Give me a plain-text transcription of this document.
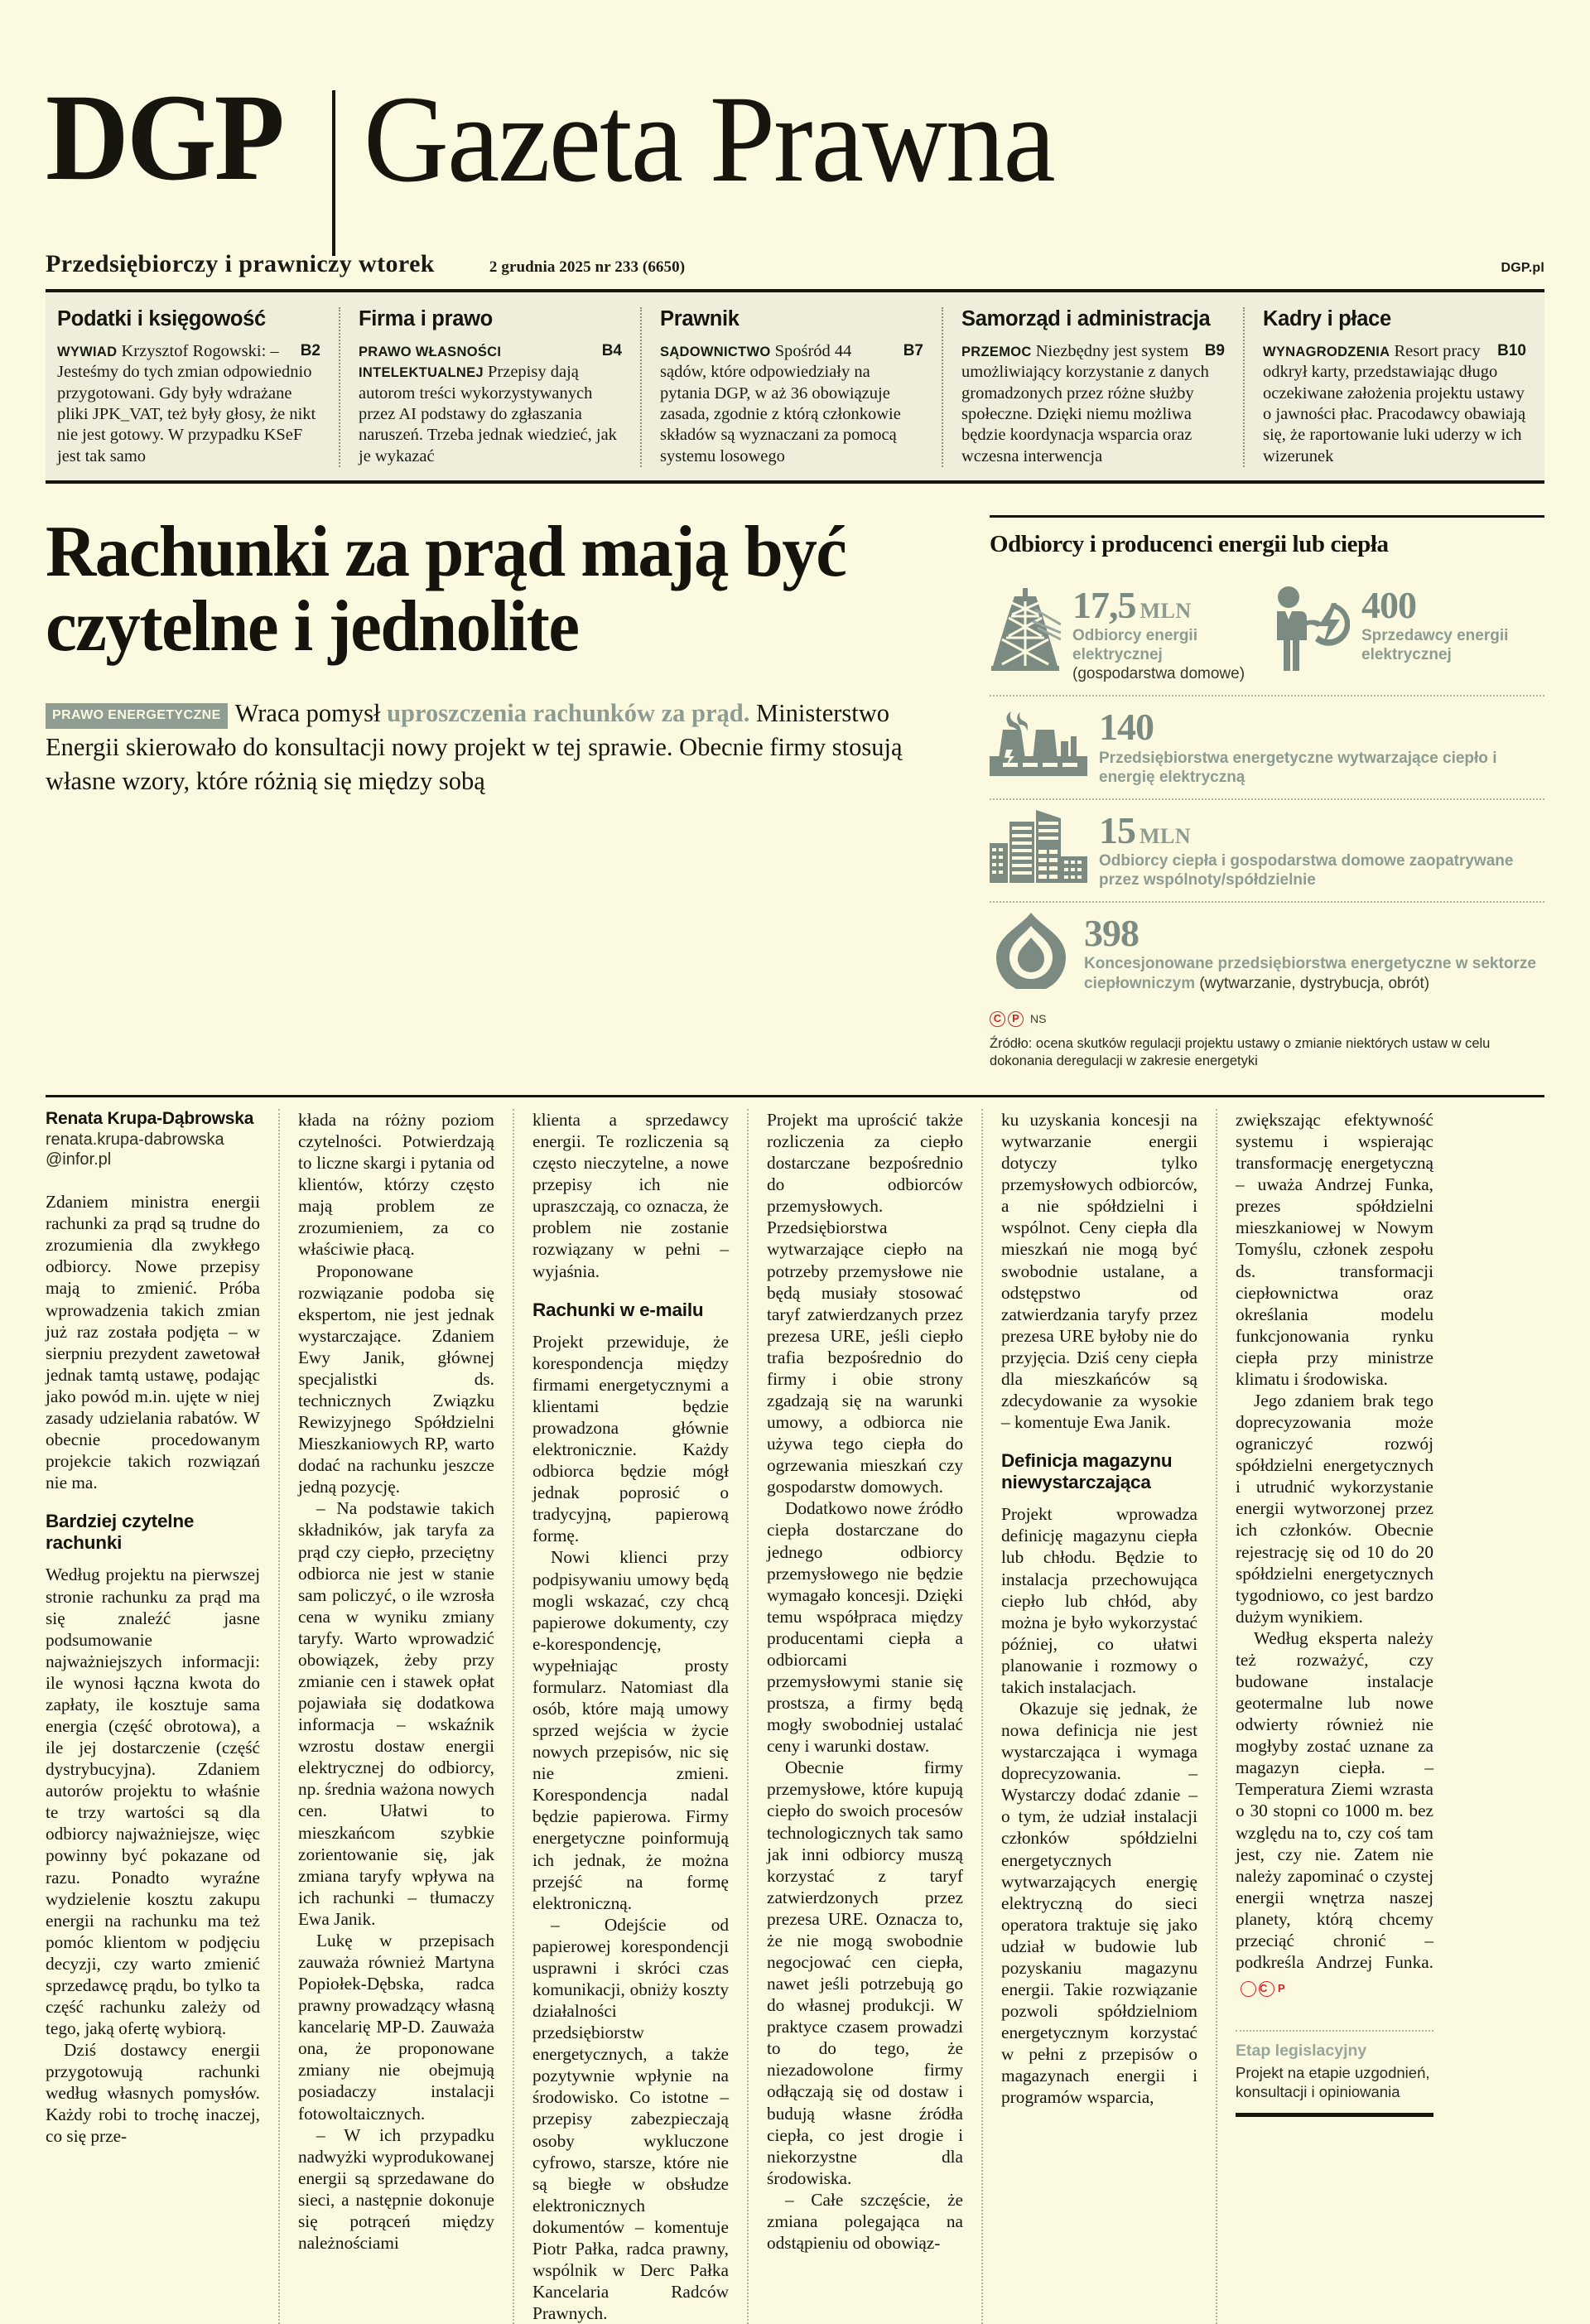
DGP Gazeta Prawna
Przedsiębiorczy i prawniczy wtorek	2 grudnia 2025 nr 233 (6650)	DGP.pl
Podatki i księgowość
B2
WYWIAD Krzysztof Rogowski: – Jesteśmy do tych zmian odpowiednio przygotowani. Gdy były wdrażane pliki JPK_VAT, też były głosy, że nikt nie jest gotowy. W przypadku KSeF jest tak samo
Firma i prawo
B4
PRAWO WŁASNOŚCI INTELEKTUALNEJ Przepisy dają autorom treści wykorzystywanych przez AI podstawy do zgłaszania naruszeń. Trzeba jednak wiedzieć, jak je wykazać
Prawnik
B7
SĄDOWNICTWO Spośród 44 sądów, które odpowiedziały na pytania DGP, w aż 36 obowiązuje zasada, zgodnie z którą członkowie składów są wyznaczani za pomocą systemu losowego
Samorząd i administracja
B9
PRZEMOC Niezbędny jest system umożliwiający korzystanie z danych gromadzonych przez różne służby społeczne. Dzięki niemu możliwa będzie koordynacja wsparcia oraz wczesna interwencja
Kadry i płace
B10
WYNAGRODZENIA Resort pracy odkrył karty, przedstawiając długo oczekiwane założenia projektu ustawy o jawności płac. Pracodawcy obawiają się, że raportowanie luki uderzy w ich wizerunek
Rachunki za prąd mają być czytelne i jednolite
PRAWO ENERGETYCZNE Wraca pomysł uproszczenia rachunków za prąd. Ministerstwo Energii skierowało do konsultacji nowy projekt w tej sprawie. Obecnie firmy stosują własne wzory, które różnią się między sobą
Odbiorcy i producenci energii lub ciepła
17,5 MLN
Odbiorcy energii elektrycznej (gospodarstwa domowe)
400
Sprzedawcy energii elektrycznej
140
Przedsiębiorstwa energetyczne wytwarzające ciepło i energię elektryczną
15 MLN
Odbiorcy ciepła i gospodarstwa domowe zaopatrywane przez wspólnoty/spółdzielnie
398
Koncesjonowane przedsiębiorstwa energetyczne w sektorze ciepłowniczym (wytwarzanie, dystrybucja, obrót)
C P NS
Źródło: ocena skutków regulacji projektu ustawy o zmianie niektórych ustaw w celu dokonania deregulacji w zakresie energetyki
Renata Krupa-Dąbrowska
renata.krupa-dabrowska @infor.pl

Zdaniem ministra energii rachunki za prąd są trudne do zrozumienia dla zwykłego odbiorcy. Nowe przepisy mają to zmienić. Próba wprowadzenia takich zmian już raz została podjęta – w sierpniu prezydent zawetował jednak tamtą ustawę, podając jako powód m.in. ujęte w niej zasady udzielania rabatów. W obecnie procedowanym projekcie takich rozwiązań nie ma.

Bardziej czytelne rachunki

Według projektu na pierwszej stronie rachunku za prąd ma się znaleźć jasne podsumowanie najważniejszych informacji: ile wynosi łączna kwota do zapłaty, ile kosztuje sama energia (część obrotowa), a ile jej dostarczenie (część dystrybucyjna). Zdaniem autorów projektu to właśnie te trzy wartości są dla odbiorcy najważniejsze, więc powinny być pokazane od razu. Ponadto wyraźne wydzielenie kosztu zakupu energii na rachunku ma też pomóc klientom w podjęciu decyzji, czy warto zmienić sprzedawcę prądu, bo tylko ta część rachunku zależy od tego, jaką ofertę wybiorą.

Dziś dostawcy energii przygotowują rachunki według własnych pomysłów. Każdy robi to trochę inaczej, co się prze-

kłada na różny poziom czytelności. Potwierdzają to liczne skargi i pytania od klientów, którzy często mają problem ze zrozumieniem, za co właściwie płacą.

Proponowane rozwiązanie podoba się ekspertom, nie jest jednak wystarczające. Zdaniem Ewy Janik, głównej specjalistki ds. technicznych Związku Rewizyjnego Spółdzielni Mieszkaniowych RP, warto dodać na rachunku jeszcze jedną pozycję.

– Na podstawie takich składników, jak taryfa za prąd czy ciepło, przeciętny odbiorca nie jest w stanie sam policzyć, o ile wzrosła cena w wyniku zmiany taryfy. Warto wprowadzić obowiązek, żeby przy zmianie cen i stawek opłat pojawiała się dodatkowa informacja – wskaźnik wzrostu dostaw energii elektrycznej do odbiorcy, np. średnia ważona nowych cen. Ułatwi to mieszkańcom szybkie zorientowanie się, jak zmiana taryfy wpływa na ich rachunki – tłumaczy Ewa Janik.

Lukę w przepisach zauważa również Martyna Popiołek-Dębska, radca prawny prowadzący własną kancelarię MP-D. Zauważa ona, że proponowane zmiany nie obejmują posiadaczy instalacji fotowoltaicznych.

– W ich przypadku nadwyżki wyprodukowanej energii są sprzedawane do sieci, a następnie dokonuje się potrąceń między należnościami

klienta a sprzedawcy energii. Te rozliczenia są często nieczytelne, a nowe przepisy ich nie upraszczają, co oznacza, że problem nie zostanie rozwiązany w pełni – wyjaśnia.

Rachunki w e-mailu

Projekt przewiduje, że korespondencja między firmami energetycznymi a klientami będzie prowadzona głównie elektronicznie. Każdy odbiorca będzie mógł jednak poprosić o tradycyjną, papierową formę.

Nowi klienci przy podpisywaniu umowy będą mogli wskazać, czy chcą papierowe dokumenty, czy e-korespondencję, wypełniając prosty formularz. Natomiast dla osób, które mają umowy sprzed wejścia w życie nowych przepisów, nic się nie zmieni. Korespondencja nadal będzie papierowa. Firmy energetyczne poinformują ich jednak, że można przejść na formę elektroniczną.

– Odejście od papierowej korespondencji usprawni i skróci czas komunikacji, obniży koszty działalności przedsiębiorstw energetycznych, a także pozytywnie wpłynie na środowisko. Co istotne – przepisy zabezpieczają osoby wykluczone cyfrowo, starsze, które nie są biegłe w obsłudze elektronicznych dokumentów – komentuje Piotr Pałka, radca prawny, wspólnik w Derc Pałka Kancelaria Radców Prawnych.

Projekt ma uprościć także rozliczenia za ciepło dostarczane bezpośrednio do odbiorców przemysłowych. Przedsiębiorstwa wytwarzające ciepło na potrzeby przemysłowe nie będą musiały stosować taryf zatwierdzanych przez prezesa URE, jeśli ciepło trafia bezpośrednio do firmy i obie strony zgadzają się na warunki umowy, a odbiorca nie używa tego ciepła do ogrzewania mieszkań czy gospodarstw domowych.

Dodatkowo nowe źródło ciepła dostarczane do jednego odbiorcy przemysłowego nie będzie wymagało koncesji. Dzięki temu współpraca między producentami ciepła a odbiorcami przemysłowymi stanie się prostsza, a firmy będą mogły swobodniej ustalać ceny i warunki dostaw.

Obecnie firmy przemysłowe, które kupują ciepło do swoich procesów technologicznych tak samo jak inni odbiorcy muszą korzystać z taryf zatwierdzonych przez prezesa URE. Oznacza to, że nie mogą swobodnie negocjować cen ciepła, nawet jeśli potrzebują go do własnej produkcji. W praktyce czasem prowadzi to do tego, że niezadowolone firmy odłączają się od dostaw i budują własne źródła ciepła, co jest drogie i niekorzystne dla środowiska.

– Całe szczęście, że zmiana polegająca na odstąpieniu od obowiąz-

ku uzyskania koncesji na wytwarzanie energii dotyczy tylko przemysłowych odbiorców, a nie spółdzielni i wspólnot. Ceny ciepła dla mieszkań nie mogą być swobodnie ustalane, a odstępstwo od zatwierdzania taryfy przez prezesa URE byłoby nie do przyjęcia. Dziś ceny ciepła dla mieszkańców są zdecydowanie za wysokie – komentuje Ewa Janik.

Definicja magazynu niewystarczająca

Projekt wprowadza definicję magazynu ciepła lub chłodu. Będzie to instalacja przechowująca ciepło lub chłód, aby można je było wykorzystać później, co ułatwi planowanie i rozmowy o takich instalacjach.

Okazuje się jednak, że nowa definicja nie jest wystarczająca i wymaga doprecyzowania. – Wystarczy dodać zdanie – o tym, że udział instalacji członków spółdzielni energetycznych wytwarzających energię elektryczną do sieci operatora traktuje się jako udział w budowie lub pozyskaniu magazynu energii. Takie rozwiązanie pozwoli spółdzielniom energetycznym korzystać w pełni z przepisów o magazynach energii i programów wsparcia,

zwiększając efektywność systemu i wspierając transformację energetyczną – uważa Andrzej Funka, prezes spółdzielni mieszkaniowej w Nowym Tomyślu, członek zespołu ds. transformacji ciepłownictwa oraz określania modelu funkcjonowania rynku ciepła przy ministrze klimatu i środowiska.

Jego zdaniem brak tego doprecyzowania może ograniczyć rozwój spółdzielni energetycznych i utrudnić wykorzystanie energii wytworzonej przez ich członków. Obecnie rejestrację się od 10 do 20 spółdzielni energetycznych tygodniowo, co jest bardzo dużym wynikiem.

Według eksperta należy też rozważyć, czy budowane instalacje geotermalne lub nowe odwierty również nie mogłyby zostać uznane za magazyn ciepła. – Temperatura Ziemi wzrasta o 30 stopni co 1000 m. bez względu na to, czy coś tam jest, czy nie. Zatem nie należy zapominać o czystej energii wnętrza naszej planety, którą chcemy przeciąć chronić – podkreśla Andrzej Funka.
C P

Etap legislacyjny
Projekt na etapie uzgodnień, konsultacji i opiniowania
